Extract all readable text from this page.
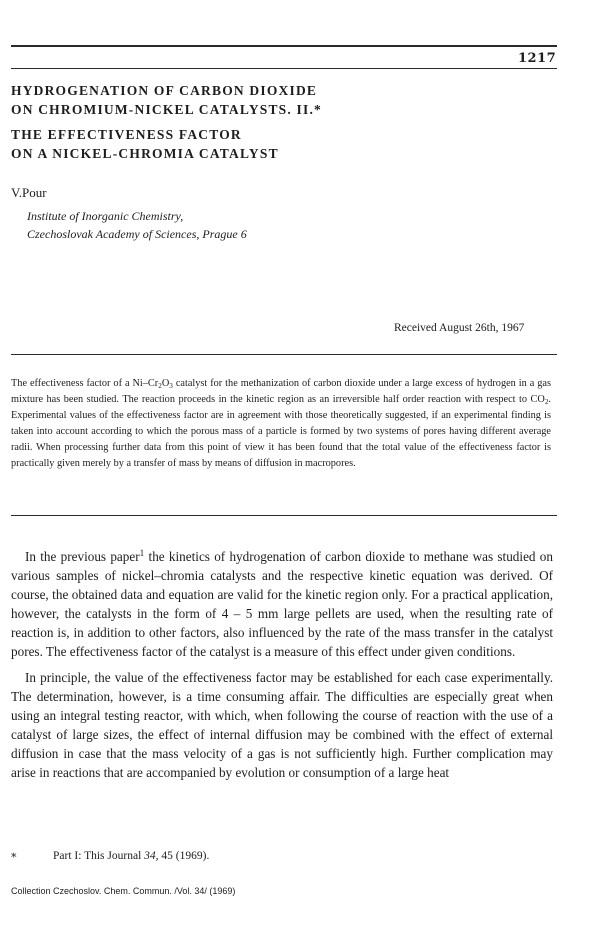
1217
HYDROGENATION OF CARBON DIOXIDE
ON CHROMIUM-NICKEL CATALYSTS. II.*
THE EFFECTIVENESS FACTOR
ON A NICKEL-CHROMIA CATALYST
V.Pour
Institute of Inorganic Chemistry,
Czechoslovak Academy of Sciences, Prague 6
Received August 26th, 1967
The effectiveness factor of a $Ni-Cr_2O_3$ catalyst for the methanization of carbon dioxide under a large excess of hydrogen in a gas mixture has been studied. The reaction proceeds in the kinetic region as an irreversible half order reaction with respect to $CO_2$. Experimental values of the effectiveness factor are in agreement with those theoretically suggested, if an experimental finding is taken into account according to which the porous mass of a particle is formed by two systems of pores having different average radii. When processing further data from this point of view it has been found that the total value of the effectiveness factor is practically given merely by a transfer of mass by means of diffusion in macropores.

In the previous paper$^1$ the kinetics of hydrogenation of carbon dioxide to methane was studied on various samples of nickel–chromia catalysts and the respective kinetic equation was derived. Of course, the obtained data and equation are valid for the kinetic region only. For a practical application, however, the catalysts in the form of 4 – 5 mm large pellets are used, when the resulting rate of reaction is, in addition to other factors, also influenced by the rate of the mass transfer in the catalyst pores. The effectiveness factor of the catalyst is a measure of this effect under given conditions.

In principle, the value of the effectiveness factor may be established for each case experimentally. The determination, however, is a time consuming affair. The difficulties are especially great when using an integral testing reactor, with which, when following the course of reaction with the use of a catalyst of large sizes, the effect of internal diffusion may be combined with the effect of external diffusion in case that the mass velocity of a gas is not sufficiently high. Further complication may arise in reactions that are accompanied by evolution or consumption of a large heat

*	Part I: This Journal 34, 45 (1969).
Collection Czechoslov. Chem. Commun. /Vol. 34/ (1969)
